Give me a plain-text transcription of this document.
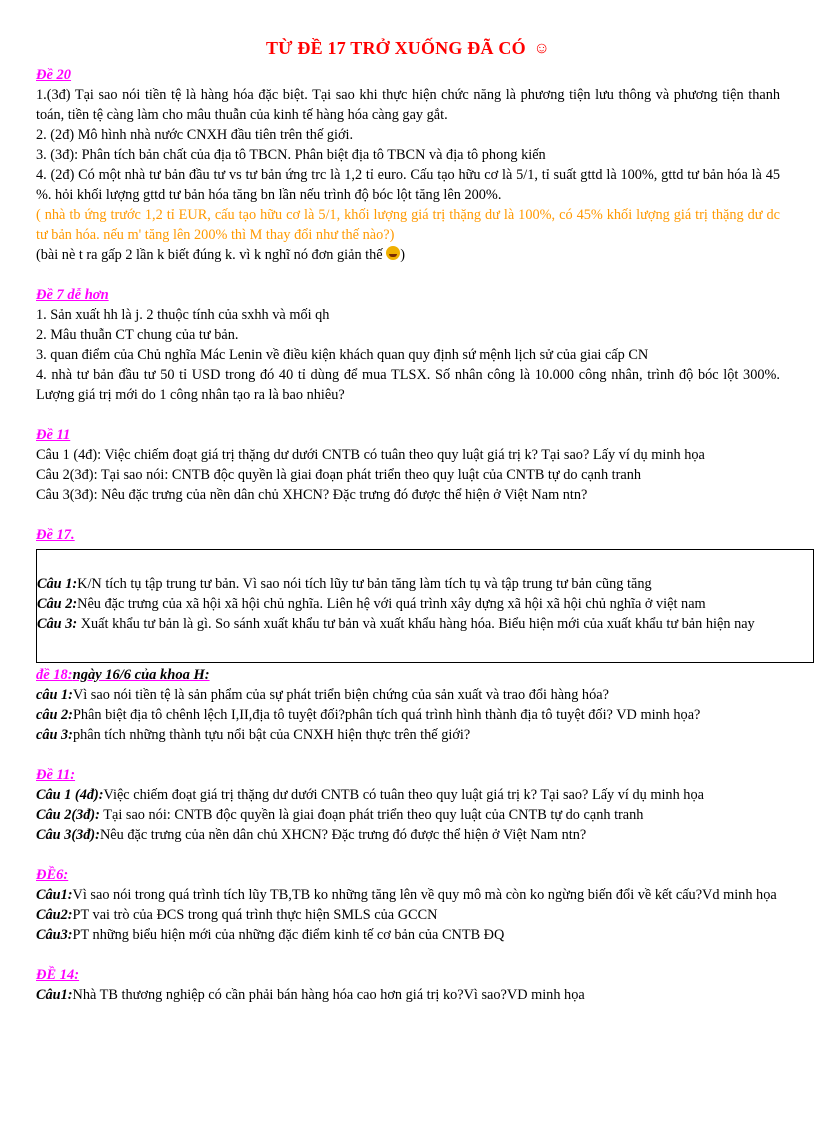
TỪ ĐỀ 17 TRỞ XUỐNG ĐÃ CÓ ☺
Đề 20

1.(3đ) Tại sao nói tiền tệ là hàng hóa đặc biệt. Tại sao khi thực hiện chức năng là phương tiện lưu thông và phương tiện thanh toán, tiền tệ càng làm cho mâu thuẫn của kinh tế hàng hóa càng gay gắt.

2. (2đ) Mô hình nhà nước CNXH đầu tiên trên thế giới.

3. (3đ): Phân tích bản chất của địa tô TBCN. Phân biệt địa tô TBCN và địa tô phong kiến

4. (2đ) Có một nhà tư bản đầu tư vs tư bản ứng trc là 1,2 tỉ euro. Cấu tạo hữu cơ là 5/1, tỉ suất gttd là 100%, gttd tư bản hóa là 45 %. hỏi khối lượng gttd tư bản hóa tăng bn lần nếu trình độ bóc lột tăng lên 200%.

( nhà tb ứng trước 1,2 tỉ EUR, cấu tạo hữu cơ là 5/1, khối lượng giá trị thặng dư là 100%, có 45% khối lượng giá trị thặng dư dc tư bản hóa. nếu m' tăng lên 200% thì M thay đổi như thế nào?)

(bài nè t ra gấp 2 lần k biết đúng k. vì k nghĩ nó đơn giản thế )

Đề 7 dễ hơn

1. Sản xuất hh là j. 2 thuộc tính của sxhh và mối qh

2. Mâu thuẫn CT chung của tư bản.

3. quan điểm của Chủ nghĩa Mác Lenin về điều kiện khách quan quy định sứ mệnh lịch sử của giai cấp CN

4. nhà tư bản đầu tư 50 tỉ USD trong đó 40 tỉ dùng để mua TLSX. Số nhân công là 10.000 công nhân, trình độ bóc lột 300%. Lượng giá trị mới do 1 công nhân tạo ra là bao nhiêu?

Đề 11

Câu 1 (4đ): Việc chiếm đoạt giá trị thặng dư dưới CNTB có tuân theo quy luật giá trị k? Tại sao? Lấy ví dụ minh họa

Câu 2(3đ): Tại sao nói: CNTB độc quyền là giai đoạn phát triển theo quy luật của CNTB tự do cạnh tranh

Câu 3(3đ): Nêu đặc trưng của nền dân chủ XHCN? Đặc trưng đó được thể hiện ở Việt Nam ntn?

Đề 17.

Câu 1:K/N tích tụ tập trung tư bản. Vì sao nói tích lũy tư bản tăng làm tích tụ và tập trung tư bản cũng tăng

Câu 2:Nêu đặc trưng của xã hội xã hội chủ nghĩa. Liên hệ với quá trình xây dựng xã hội xã hội chủ nghĩa ở việt nam

Câu 3: Xuất khẩu tư bản là gì. So sánh xuất khẩu tư bản và xuất khẩu hàng hóa. Biểu hiện mới của xuất khẩu tư bản hiện nay

đề 18:ngày 16/6 của khoa H:

câu 1:Vì sao nói tiền tệ là sản phẩm của sự phát triển biện chứng của sản xuất và trao đổi hàng hóa?

câu 2:Phân biệt địa tô chênh lệch I,II,địa tô tuyệt đối?phân tích quá trình hình thành địa tô tuyệt đối? VD minh họa?

câu 3:phân tích những thành tựu nổi bật của CNXH hiện thực trên thế giới?

Đề 11:

Câu 1 (4đ):Việc chiếm đoạt giá trị thặng dư dưới CNTB có tuân theo quy luật giá trị k? Tại sao? Lấy ví dụ minh họa

Câu 2(3đ): Tại sao nói: CNTB độc quyền là giai đoạn phát triển theo quy luật của CNTB tự do cạnh tranh

Câu 3(3đ):Nêu đặc trưng của nền dân chủ XHCN? Đặc trưng đó được thể hiện ở Việt Nam ntn?

ĐỀ6:

Câu1:Vì sao nói trong quá trình tích lũy TB,TB ko những tăng lên về quy mô mà còn ko ngừng biến đổi về kết cấu?Vd minh họa

Câu2:PT vai trò của ĐCS trong quá trình thực hiện SMLS của GCCN

Câu3:PT những biểu hiện mới của những đặc điểm kinh tế cơ bản của CNTB ĐQ

ĐỀ 14:

Câu1:Nhà TB thương nghiệp có cần phải bán hàng hóa cao hơn giá trị ko?Vì sao?VD minh họa
